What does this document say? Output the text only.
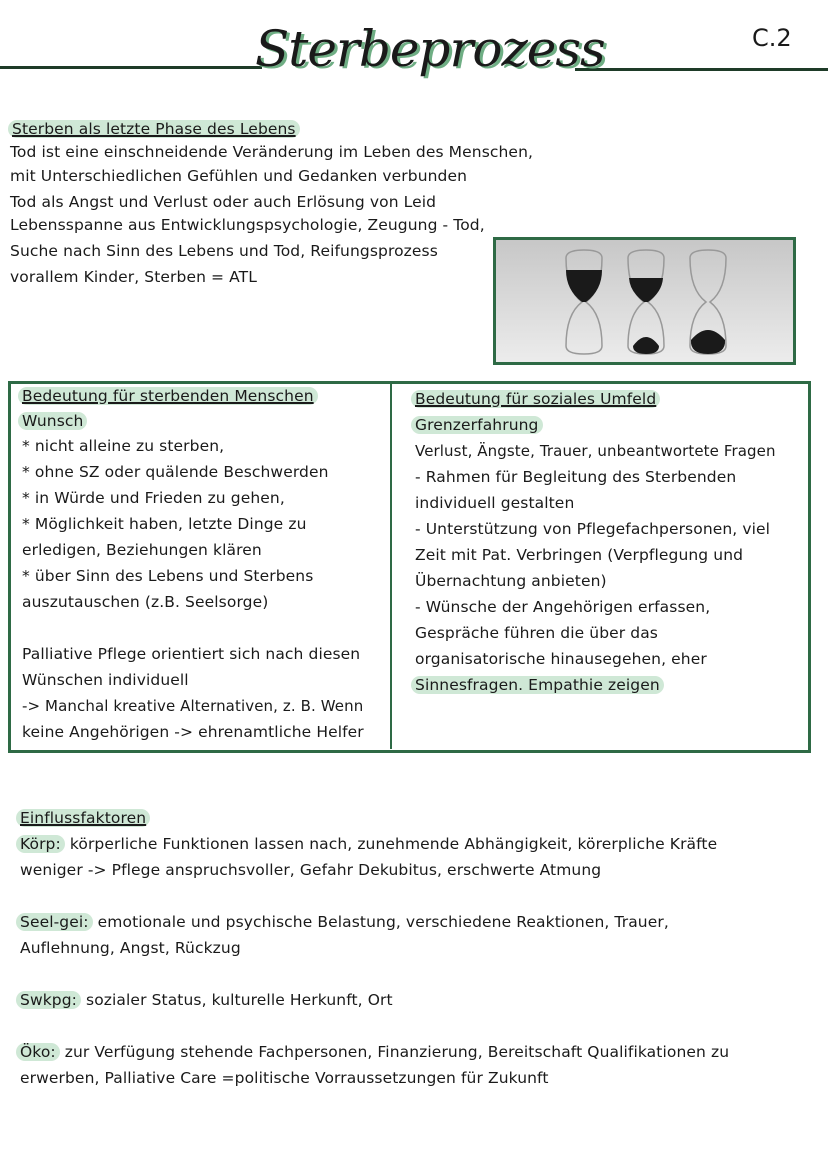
Sterbeprozess	C.2
Sterben als letzte Phase des Lebens
Tod ist eine einschneidende Veränderung im Leben des Menschen,
mit Unterschiedlichen Gefühlen und Gedanken verbunden
Tod als Angst und Verlust oder auch Erlösung von Leid
Lebensspanne aus Entwicklungspsychologie, Zeugung - Tod,
Suche nach Sinn des Lebens und Tod, Reifungsprozess
vorallem Kinder, Sterben = ATL
Bedeutung für sterbenden Menschen
Wunsch
* nicht alleine zu sterben,
* ohne SZ oder quälende Beschwerden
* in Würde und Frieden zu gehen,
* Möglichkeit haben, letzte Dinge zu
erledigen, Beziehungen klären
* über Sinn des Lebens und Sterbens
auszutauschen (z.B. Seelsorge)
Palliative Pflege orientiert sich nach diesen
Wünschen individuell
-> Manchal kreative Alternativen, z. B. Wenn
keine Angehörigen -> ehrenamtliche Helfer
Bedeutung für soziales Umfeld
Grenzerfahrung
Verlust, Ängste, Trauer, unbeantwortete Fragen
- Rahmen für Begleitung des Sterbenden
individuell gestalten
- Unterstützung von Pflegefachpersonen, viel
Zeit mit Pat. Verbringen (Verpflegung und
Übernachtung anbieten)
- Wünsche der Angehörigen erfassen,
Gespräche führen die über das
organisatorische hinausegehen, eher
Sinnesfragen. Empathie zeigen
Einflussfaktoren
Körp: körperliche Funktionen lassen nach, zunehmende Abhängigkeit, körerpliche Kräfte
weniger -> Pflege anspruchsvoller, Gefahr Dekubitus, erschwerte Atmung
Seel-gei: emotionale und psychische Belastung, verschiedene Reaktionen, Trauer,
Auflehnung, Angst, Rückzug
Swkpg: sozialer Status, kulturelle Herkunft, Ort
Öko: zur Verfügung stehende Fachpersonen, Finanzierung, Bereitschaft Qualifikationen zu
erwerben, Palliative Care =politische Vorraussetzungen für Zukunft
